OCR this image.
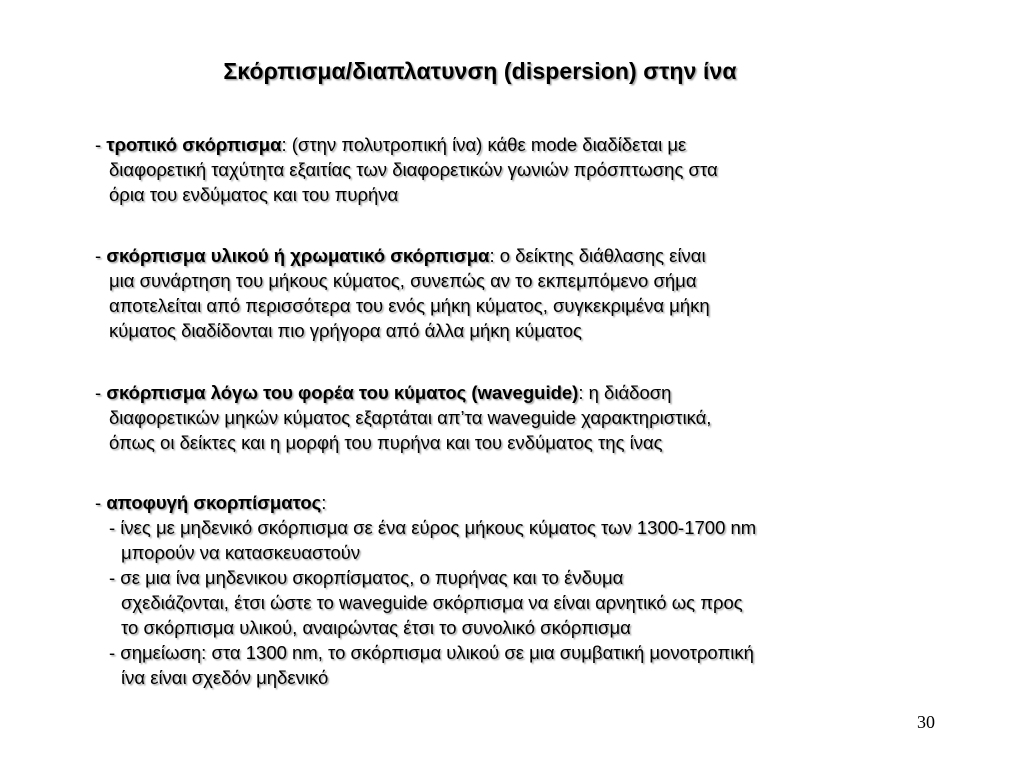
Σκόρπισμα/διαπλατυνση (dispersion) στην ίνα
- τροπικό σκόρπισμα: (στην πολυτροπική ίνα) κάθε mode διαδίδεται με
διαφορετική ταχύτητα εξαιτίας των διαφορετικών γωνιών πρόσπτωσης στα
όρια του ενδύματος και του πυρήνα
- σκόρπισμα υλικού ή χρωματικό σκόρπισμα: ο δείκτης διάθλασης είναι
μια συνάρτηση του μήκους κύματος, συνεπώς αν το εκπεμπόμενο σήμα
αποτελείται από περισσότερα του ενός μήκη κύματος, συγκεκριμένα μήκη
κύματος διαδίδονται πιο γρήγορα από άλλα μήκη κύματος
- σκόρπισμα λόγω του φορέα του κύματος (waveguide): η διάδοση
διαφορετικών μηκών κύματος εξαρτάται απ’τα waveguide χαρακτηριστικά,
όπως οι δείκτες και η μορφή του πυρήνα και του ενδύματος της ίνας
- αποφυγή σκορπίσματος:
- ίνες με μηδενικό σκόρπισμα σε ένα εύρος μήκους κύματος των 1300-1700 nm
μπορούν να κατασκευαστούν
- σε μια ίνα μηδενικου σκορπίσματος, ο πυρήνας και το ένδυμα
σχεδιάζονται, έτσι ώστε το waveguide σκόρπισμα να είναι αρνητικό ως προς
το σκόρπισμα υλικού, αναιρώντας έτσι το συνολικό σκόρπισμα
- σημείωση: στα 1300 nm, το σκόρπισμα υλικού σε μια συμβατική μονοτροπική
ίνα είναι σχεδόν μηδενικό
30
